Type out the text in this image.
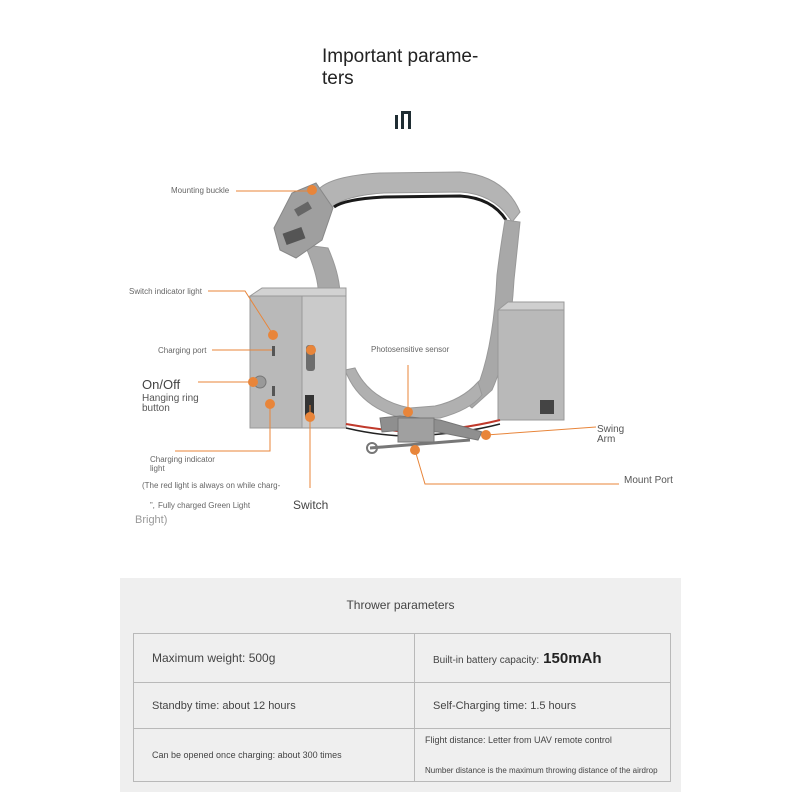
Important parame-
ters
Mounting buckle
Switch indicator light
Charging port
On/Off
Hanging ring
button
Photosensitive sensor
Charging indicator
light
(The red light is always on while charg-
”, Fully charged Green Light
Bright)
Switch
Swing
Arm
Mount Port
Thrower parameters
Maximum weight: 500g	Built-in battery capacity: 150mAh
Standby time: about 12 hours	Self-Charging time: 1.5 hours
Can be opened once charging: about 300 times	Flight distance: Letter from UAV remote control
Number distance is the maximum throwing distance of the airdrop
